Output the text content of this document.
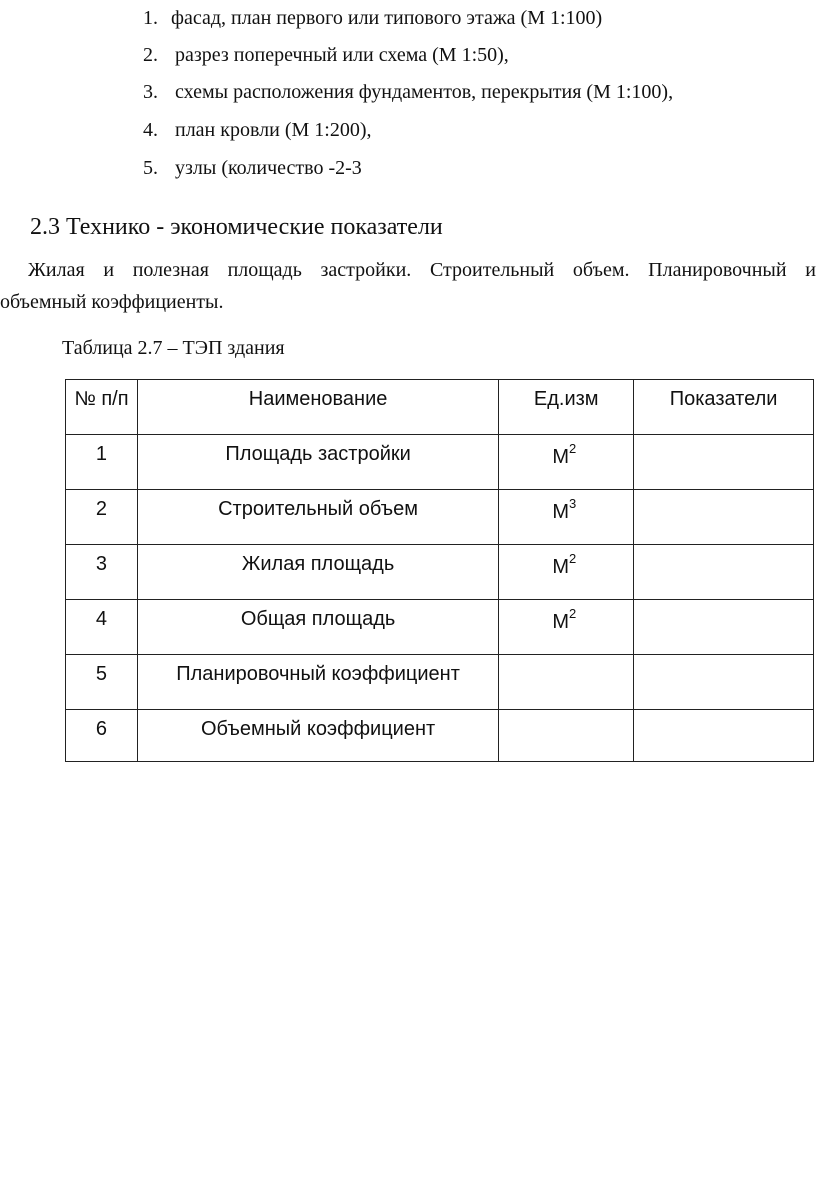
1. фасад, план первого или типового этажа (М 1:100)
2. разрез поперечный или схема (М 1:50),
3. схемы расположения фундаментов, перекрытия (М 1:100),
4. план кровли (М 1:200),
5. узлы (количество -2-3
2.3 Технико - экономические показатели
Жилая и полезная площадь застройки. Строительный объем. Планировочный и
объемный коэффициенты.
Таблица 2.7 – ТЭП здания
№ п/п	Наименование	Ед.изм	Показатели
1	Площадь застройки	$М^2$	
2	Строительный объем	$М^3$	
3	Жилая площадь	$М^2$	
4	Общая площадь	$М^2$	
5	Планировочный коэффициент		
6	Объемный коэффициент		
